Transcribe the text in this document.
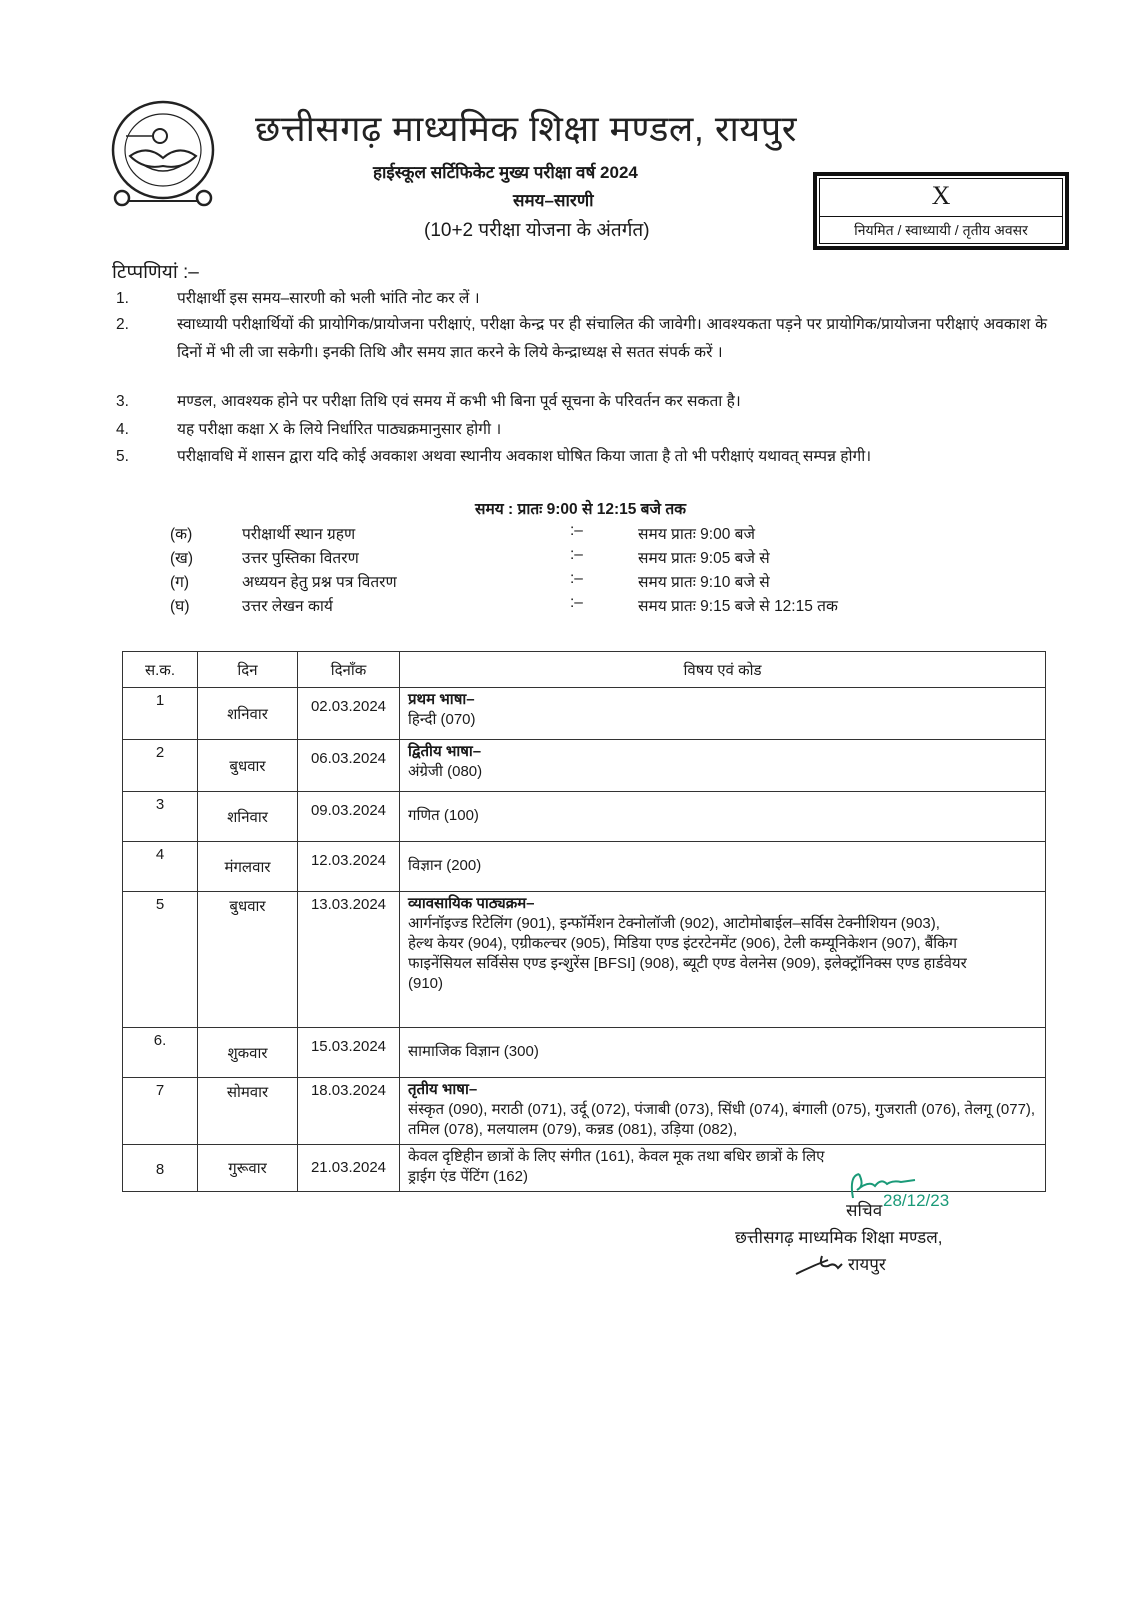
छत्तीसगढ़ माध्यमिक शिक्षा मण्डल, रायपुर
हाईस्कूल सर्टिफिकेट मुख्य परीक्षा वर्ष 2024
समय–सारणी
(10+2 परीक्षा योजना के अंतर्गत)
X
नियमित / स्वाध्यायी / तृतीय अवसर
टिप्पणियां :–
1.	परीक्षार्थी इस समय–सारणी को भली भांति नोट कर लें ।
2.	स्वाध्यायी परीक्षार्थियों की प्रायोगिक/प्रायोजना परीक्षाएं, परीक्षा केन्द्र पर ही संचालित की जावेगी। आवश्यकता पड़ने पर प्रायोगिक/प्रायोजना परीक्षाएं अवकाश के दिनों में भी ली जा सकेगी। इनकी तिथि और समय ज्ञात करने के लिये केन्द्राध्यक्ष से सतत संपर्क करें ।
3.	मण्डल, आवश्यक होने पर परीक्षा तिथि एवं समय में कभी भी बिना पूर्व सूचना के परिवर्तन कर सकता है।
4.	यह परीक्षा कक्षा X के लिये निर्धारित पाठ्यक्रमानुसार होगी ।
5.	परीक्षावधि में शासन द्वारा यदि कोई अवकाश अथवा स्थानीय अवकाश घोषित किया जाता है तो भी परीक्षाएं यथावत् सम्पन्न होगी।
समय : प्रातः 9:00 से 12:15 बजे तक
(क)	परीक्षार्थी स्थान ग्रहण	:–	समय प्रातः 9:00 बजे
(ख)	उत्तर पुस्तिका वितरण	:–	समय प्रातः 9:05 बजे से
(ग)	अध्ययन हेतु प्रश्न पत्र वितरण	:–	समय प्रातः 9:10 बजे से
(घ)	उत्तर लेखन कार्य	:–	समय प्रातः 9:15 बजे से 12:15 तक
स.क.	दिन	दिनाँक	विषय एवं कोड
1	शनिवार	02.03.2024	प्रथम भाषा–
हिन्दी (070)

2	बुधवार	06.03.2024	द्वितीय भाषा–
अंग्रेजी (080)

3	शनिवार	09.03.2024	गणित (100)

4	मंगलवार	12.03.2024	विज्ञान (200)

5	बुधवार	13.03.2024	व्यावसायिक पाठ्यक्रम–
आर्गनॉइज्ड रिटेलिंग (901), इन्फॉर्मेशन टेक्नोलॉजी (902), आटोमोबाईल–सर्विस टेक्नीशियन (903), हेल्थ केयर (904), एग्रीकल्चर (905), मिडिया एण्ड इंटरटेनमेंट (906), टेली कम्यूनिकेशन (907), बैंकिग फाइनेंसियल सर्विसेस एण्ड इन्शुरेंस [BFSI] (908), ब्यूटी एण्ड वेलनेस (909), इलेक्ट्रॉनिक्स एण्ड हार्डवेयर (910)

6.	शुकवार	15.03.2024	सामाजिक विज्ञान (300)

7	सोमवार	18.03.2024	तृतीय भाषा–
संस्कृत (090), मराठी (071), उर्दू (072), पंजाबी (073), सिंधी (074), बंगाली (075), गुजराती (076), तेलगू (077), तमिल (078), मलयालम (079), कन्नड (081), उड़िया (082),

8	गुरूवार	21.03.2024	केवल दृष्टिहीन छात्रों के लिए संगीत (161), केवल मूक तथा बधिर छात्रों के लिए ड्राईग एंड पेंटिंग (162)
28/12/23
सचिव
छत्तीसगढ़ माध्यमिक शिक्षा मण्डल,
रायपुर
